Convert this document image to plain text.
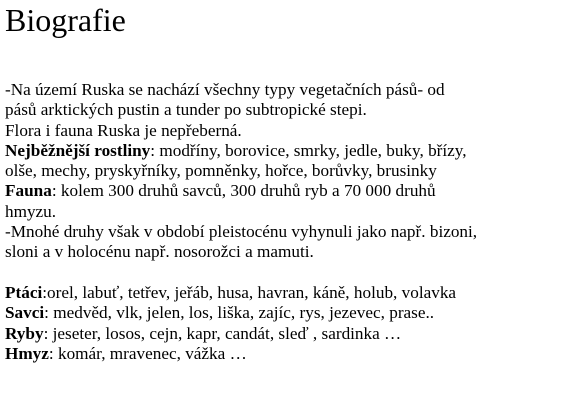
Biografie
-Na území Ruska se nachází všechny typy vegetačních pásů- od
pásů arktických pustin a tunder po subtropické stepi.
Flora i fauna Ruska je nepřeberná.
Nejběžnější rostliny: modříny, borovice, smrky, jedle, buky, břízy,
olše, mechy, pryskyřníky, pomněnky, hořce, borůvky, brusinky
Fauna: kolem 300 druhů savců, 300 druhů ryb a 70 000 druhů
hmyzu.
-Mnohé druhy však v období pleistocénu vyhynuli jako např. bizoni,
sloni a v holocénu např. nosorožci a mamuti.
Ptáci:orel, labuť, tetřev, jeřáb, husa, havran, káně, holub, volavka
Savci: medvěd, vlk, jelen, los, liška, zajíc, rys, jezevec, prase..
Ryby: jeseter, losos, cejn, kapr, candát, sleď , sardinka …
Hmyz: komár, mravenec, vážka …
